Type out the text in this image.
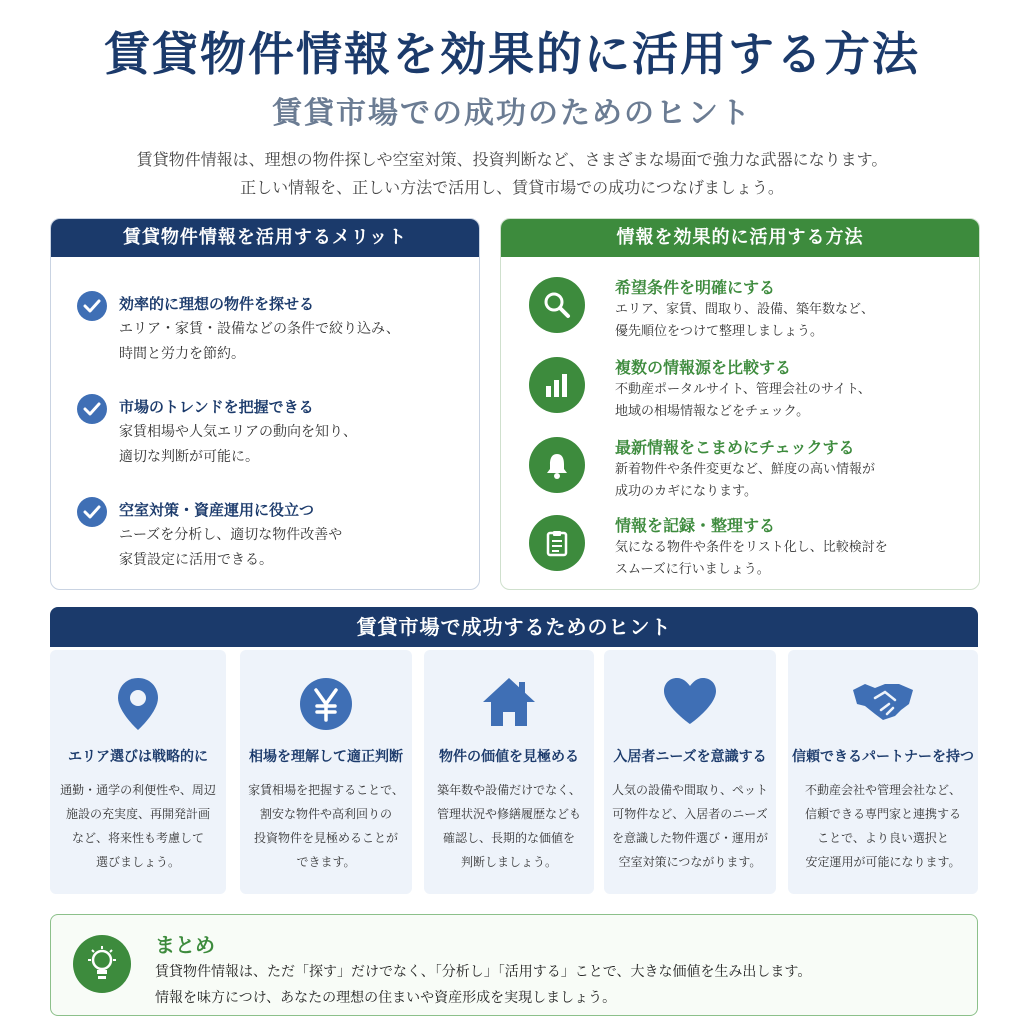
賃貸物件情報を効果的に活用する方法
賃貸市場での成功のためのヒント
賃貸物件情報は、理想の物件探しや空室対策、投資判断など、さまざまな場面で強力な武器になります。
正しい情報を、正しい方法で活用し、賃貸市場での成功につなげましょう。
賃貸物件情報を活用するメリット
効率的に理想の物件を探せる
エリア・家賃・設備などの条件で絞り込み、
時間と労力を節約。
市場のトレンドを把握できる
家賃相場や人気エリアの動向を知り、
適切な判断が可能に。
空室対策・資産運用に役立つ
ニーズを分析し、適切な物件改善や
家賃設定に活用できる。
情報を効果的に活用する方法
希望条件を明確にする
エリア、家賃、間取り、設備、築年数など、
優先順位をつけて整理しましょう。
複数の情報源を比較する
不動産ポータルサイト、管理会社のサイト、
地域の相場情報などをチェック。
最新情報をこまめにチェックする
新着物件や条件変更など、鮮度の高い情報が
成功のカギになります。
情報を記録・整理する
気になる物件や条件をリスト化し、比較検討を
スムーズに行いましょう。
賃貸市場で成功するためのヒント
エリア選びは戦略的に
通勤・通学の利便性や、周辺
施設の充実度、再開発計画
など、将来性も考慮して
選びましょう。
相場を理解して適正判断
家賃相場を把握することで、
割安な物件や高利回りの
投資物件を見極めることが
できます。
物件の価値を見極める
築年数や設備だけでなく、
管理状況や修繕履歴なども
確認し、長期的な価値を
判断しましょう。
入居者ニーズを意識する
人気の設備や間取り、ペット
可物件など、入居者のニーズ
を意識した物件選び・運用が
空室対策につながります。
信頼できるパートナーを持つ
不動産会社や管理会社など、
信頼できる専門家と連携する
ことで、より良い選択と
安定運用が可能になります。
まとめ
賃貸物件情報は、ただ「探す」だけでなく、「分析し」「活用する」ことで、大きな価値を生み出します。
情報を味方につけ、あなたの理想の住まいや資産形成を実現しましょう。
